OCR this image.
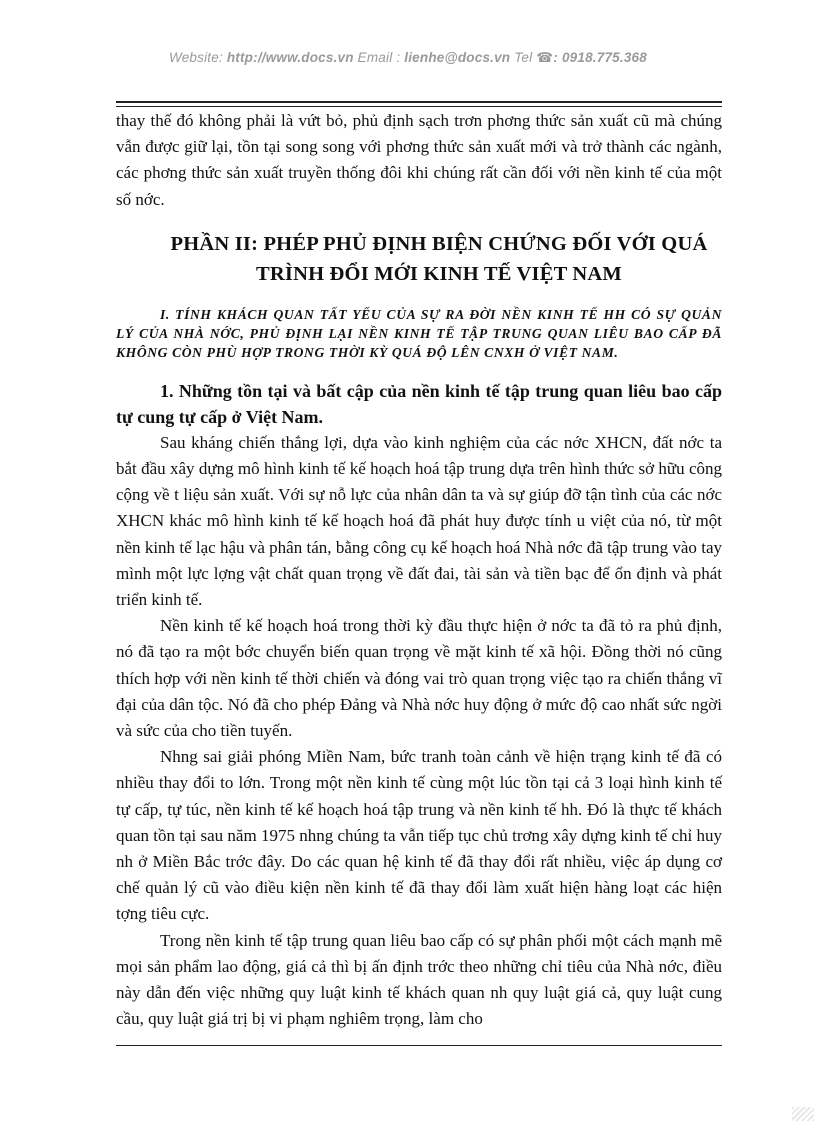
Website: http://www.docs.vn Email : lienhe@docs.vn Tel ☎: 0918.775.368

thay thế đó không phải là vứt bỏ, phủ định sạch trơn phơng thức sản xuất cũ mà chúng vẫn được giữ lại, tồn tại song song với phơng thức sản xuất mới và trở thành các ngành, các phơng thức sản xuất truyền thống đôi khi chúng rất cần đối với nền kinh tế của một số nớc.

PHẦN II: PHÉP PHỦ ĐỊNH BIỆN CHỨNG ĐỐI VỚI QUÁ TRÌNH ĐỔI MỚI KINH TẾ VIỆT NAM
I. TÍNH KHÁCH QUAN TẤT YẾU CỦA SỰ RA ĐỜI NỀN KINH TẾ HH CÓ SỰ QUẢN LÝ CỦA NHÀ NỚC, PHỦ ĐỊNH LẠI NỀN KINH TẾ TẬP TRUNG QUAN LIÊU BAO CẤP ĐÃ KHÔNG CÒN PHÙ HỢP TRONG THỜI KỲ QUÁ ĐỘ LÊN CNXH Ở VIỆT NAM.
1. Những tồn tại và bất cập của nền kinh tế tập trung quan liêu bao cấp tự cung tự cấp ở Việt Nam.

Sau kháng chiến thắng lợi, dựa vào kinh nghiệm của các nớc XHCN, đất nớc ta bắt đầu xây dựng mô hình kinh tế kế hoạch hoá tập trung dựa trên hình thức sở hữu công cộng về t liệu sản xuất. Với sự nỗ lực của nhân dân ta và sự giúp đỡ tận tình của các nớc XHCN khác mô hình kinh tế kế hoạch hoá đã phát huy được tính u việt của nó, từ một nền kinh tế lạc hậu và phân tán, bằng công cụ kế hoạch hoá Nhà nớc đã tập trung vào tay mình một lực lợng vật chất quan trọng về đất đai, tài sản và tiền bạc để ổn định và phát triển kinh tế.

Nền kinh tế kế hoạch hoá trong thời kỳ đầu thực hiện ở nớc ta đã tỏ ra phủ định, nó đã tạo ra một bớc chuyển biến quan trọng về mặt kinh tế xã hội. Đồng thời nó cũng thích hợp với nền kinh tế thời chiến và đóng vai trò quan trọng việc tạo ra chiến thắng vĩ đại của dân tộc. Nó đã cho phép Đảng và Nhà nớc huy động ở mức độ cao nhất sức ngời và sức của cho tiền tuyến.

Nhng sai giải phóng Miền Nam, bức tranh toàn cảnh về hiện trạng kinh tế đã có nhiều thay đổi to lớn. Trong một nền kinh tế cùng một lúc tồn tại cả 3 loại hình kinh tế tự cấp, tự túc, nền kinh tế kế hoạch hoá tập trung và nền kinh tế hh. Đó là thực tế khách quan tồn tại sau năm 1975 nhng chúng ta vẫn tiếp tục chủ trơng xây dựng kinh tế chỉ huy nh ở Miền Bắc trớc đây. Do các quan hệ kinh tế đã thay đổi rất nhiều, việc áp dụng cơ chế quản lý cũ vào điều kiện nền kinh tế đã thay đổi làm xuất hiện hàng loạt các hiện tợng tiêu cực.

Trong nền kinh tế tập trung quan liêu bao cấp có sự phân phối một cách mạnh mẽ mọi sản phẩm lao động, giá cả thì bị ấn định trớc theo những chỉ tiêu của Nhà nớc, điều này dẫn đến việc những quy luật kinh tế khách quan nh quy luật giá cả, quy luật cung cầu, quy luật giá trị bị vi phạm nghiêm trọng, làm cho
